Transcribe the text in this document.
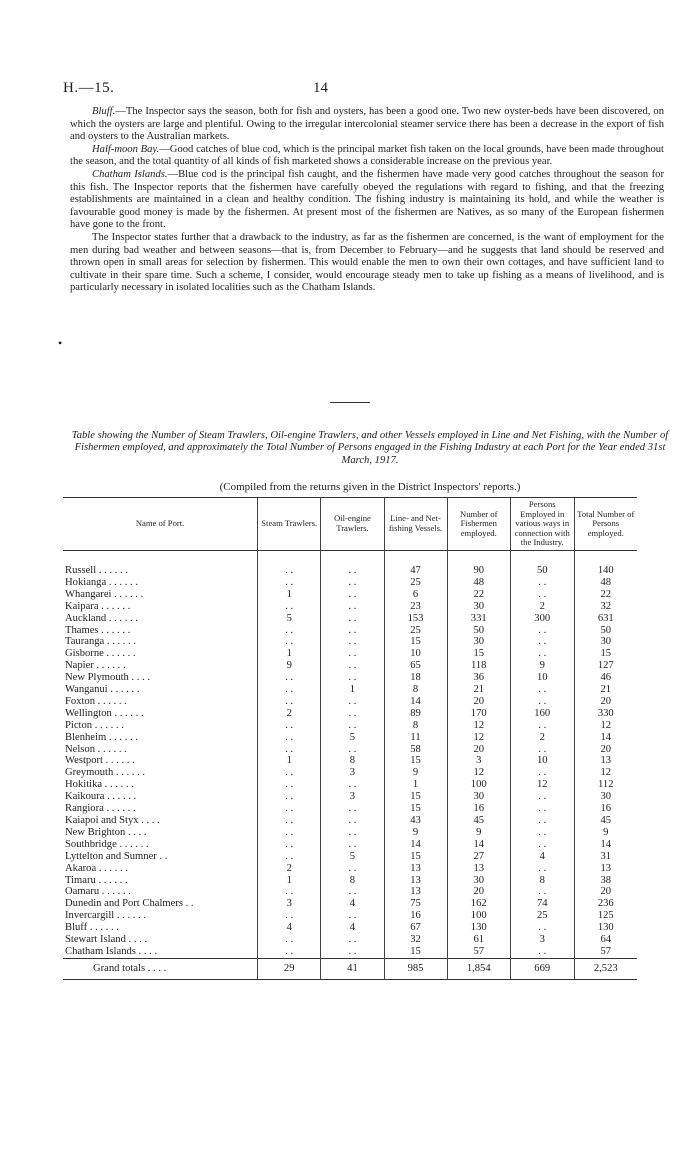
H.—15.	14

Bluff.—The Inspector says the season, both for fish and oysters, has been a good one. Two new oyster-beds have been discovered, on which the oysters are large and plentiful. Owing to the irregular intercolonial steamer service there has been a decrease in the export of fish and oysters to the Australian markets.

Half-moon Bay.—Good catches of blue cod, which is the principal market fish taken on the local grounds, have been made throughout the season, and the total quantity of all kinds of fish marketed shows a considerable increase on the previous year.

Chatham Islands.—Blue cod is the principal fish caught, and the fishermen have made very good catches throughout the season for this fish. The Inspector reports that the fishermen have carefully obeyed the regulations with regard to fishing, and that the freezing establishments are maintained in a clean and healthy condition. The fishing industry is maintaining its hold, and while the weather is favourable good money is made by the fishermen. At present most of the fishermen are Natives, as so many of the European fishermen have gone to the front.

The Inspector states further that a drawback to the industry, as far as the fishermen are concerned, is the want of employment for the men during bad weather and between seasons—that is, from December to February—and he suggests that land should be reserved and thrown open in small areas for selection by fishermen. This would enable the men to own their own cottages, and have sufficient land to cultivate in their spare time. Such a scheme, I consider, would encourage steady men to take up fishing as a means of livelihood, and is particularly necessary in isolated localities such as the Chatham Islands.

•
Table showing the Number of Steam Trawlers, Oil-engine Trawlers, and other Vessels employed in Line and Net Fishing, with the Number of Fishermen employed, and approximately the Total Number of Persons engaged in the Fishing Industry at each Port for the Year ended 31st March, 1917.
(Compiled from the returns given in the District Inspectors' reports.)
Name of Port.	Steam Trawlers.	Oil-engine Trawlers.	Line- and Net-fishing Vessels.	Number of Fishermen employed.	Persons Employed in various ways in connection with the Industry.	Total Number of Persons employed.

Russell . . . . . .	. .	. .	47	90	50	140
Hokianga . . . . . .	. .	. .	25	48	. .	48
Whangarei . . . . . .	1	. .	6	22	. .	22
Kaipara . . . . . .	. .	. .	23	30	2	32
Auckland . . . . . .	5	. .	153	331	300	631
Thames . . . . . .	. .	. .	25	50	. .	50
Tauranga . . . . . .	. .	. .	15	30	. .	30
Gisborne . . . . . .	1	. .	10	15	. .	15
Napier . . . . . .	9	. .	65	118	9	127
New Plymouth . . . .	. .	. .	18	36	10	46
Wanganui . . . . . .	. .	1	8	21	. .	21
Foxton . . . . . .	. .	. .	14	20	. .	20
Wellington . . . . . .	2	. .	89	170	160	330
Picton . . . . . .	. .	. .	8	12	. .	12
Blenheim . . . . . .	. .	5	11	12	2	14
Nelson . . . . . .	. .	. .	58	20	. .	20
Westport . . . . . .	1	8	15	3	10	13
Greymouth . . . . . .	. .	3	9	12	. .	12
Hokitika . . . . . .	. .	. .	1	100	12	112
Kaikoura . . . . . .	. .	3	15	30	. .	30
Rangiora . . . . . .	. .	. .	15	16	. .	16
Kaiapoi and Styx . . . .	. .	. .	43	45	. .	45
New Brighton . . . .	. .	. .	9	9	. .	9
Southbridge . . . . . .	. .	. .	14	14	. .	14
Lyttelton and Sumner . .	. .	5	15	27	4	31
Akaroa . . . . . .	2	. .	13	13	. .	13
Timaru . . . . . .	1	8	13	30	8	38
Oamaru . . . . . .	. .	. .	13	20	. .	20
Dunedin and Port Chalmers . .	3	4	75	162	74	236
Invercargill . . . . . .	. .	. .	16	100	25	125
Bluff . . . . . .	4	4	67	130	. .	130
Stewart Island . . . .	. .	. .	32	61	3	64
Chatham Islands . . . .	. .	. .	15	57	. .	57
Grand totals . . . .	29	41	985	1,854	669	2,523
